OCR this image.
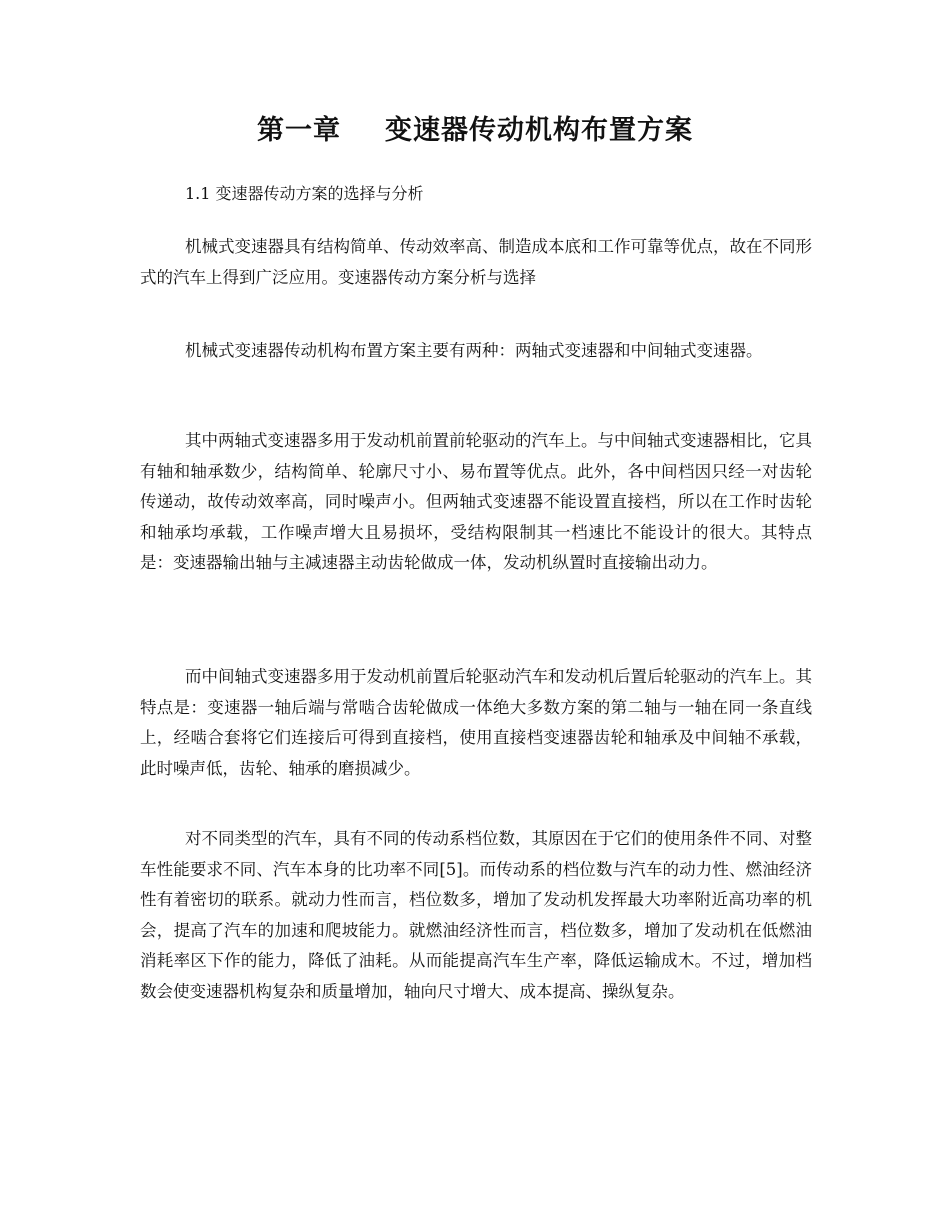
第一章 变速器传动机构布置方案
1.1 变速器传动方案的选择与分析

机械式变速器具有结构简单、传动效率高、制造成本底和工作可靠等优点，故在不同形式的汽车上得到广泛应用。变速器传动方案分析与选择

机械式变速器传动机构布置方案主要有两种：两轴式变速器和中间轴式变速器。

其中两轴式变速器多用于发动机前置前轮驱动的汽车上。与中间轴式变速器相比，它具有轴和轴承数少，结构简单、轮廓尺寸小、易布置等优点。此外，各中间档因只经一对齿轮传递动，故传动效率高，同时噪声小。但两轴式变速器不能设置直接档，所以在工作时齿轮和轴承均承载，工作噪声增大且易损坏，受结构限制其一档速比不能设计的很大。其特点是：变速器输出轴与主减速器主动齿轮做成一体，发动机纵置时直接输出动力。

而中间轴式变速器多用于发动机前置后轮驱动汽车和发动机后置后轮驱动的汽车上。其特点是：变速器一轴后端与常啮合齿轮做成一体绝大多数方案的第二轴与一轴在同一条直线上，经啮合套将它们连接后可得到直接档，使用直接档变速器齿轮和轴承及中间轴不承载，此时噪声低，齿轮、轴承的磨损减少。

对不同类型的汽车，具有不同的传动系档位数，其原因在于它们的使用条件不同、对整车性能要求不同、汽车本身的比功率不同[5]。而传动系的档位数与汽车的动力性、燃油经济性有着密切的联系。就动力性而言，档位数多，增加了发动机发挥最大功率附近高功率的机会，提高了汽车的加速和爬坡能力。就燃油经济性而言，档位数多，增加了发动机在低燃油消耗率区下作的能力，降低了油耗。从而能提高汽车生产率，降低运输成木。不过，增加档数会使变速器机构复杂和质量增加，轴向尺寸增大、成本提高、操纵复杂。
